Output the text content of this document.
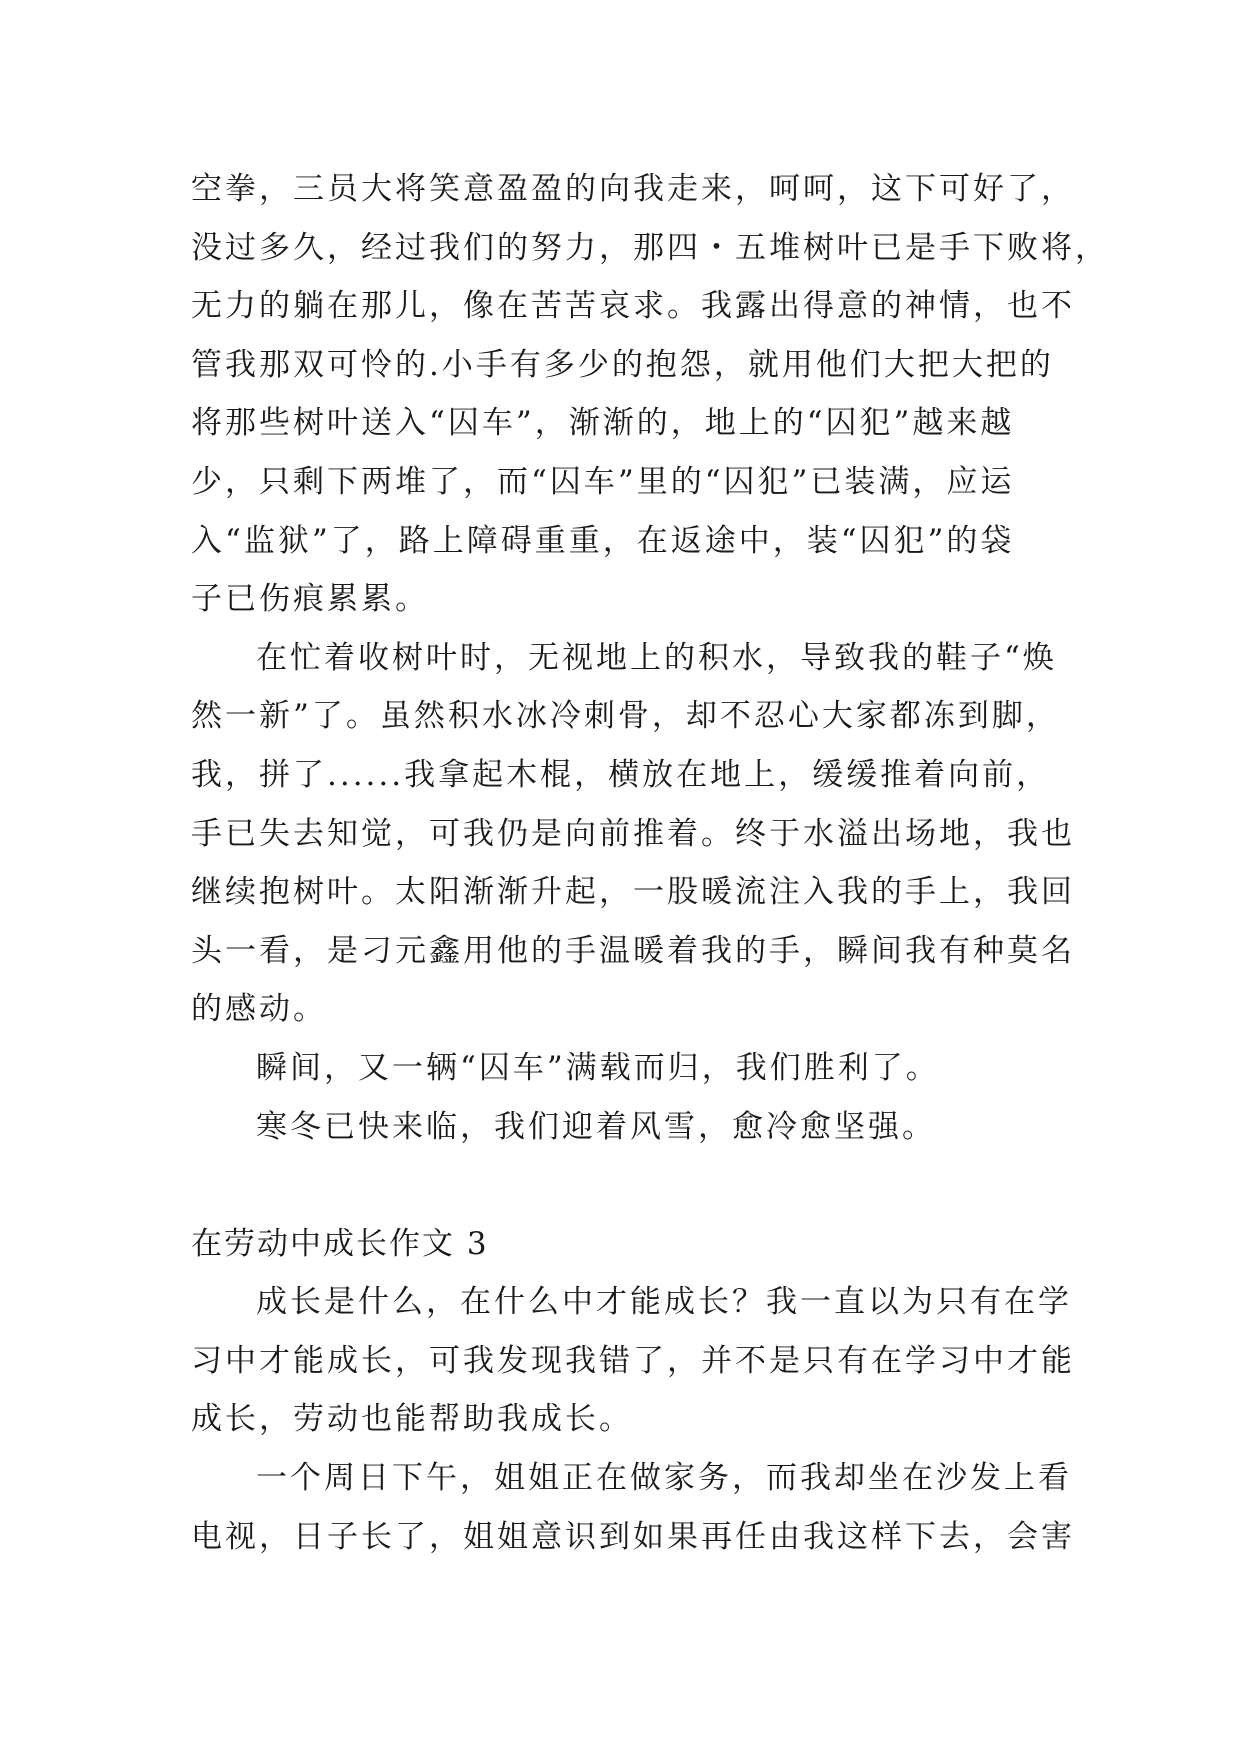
空拳，三员大将笑意盈盈的向我走来，呵呵，这下可好了，
没过多久，经过我们的努力，那四・五堆树叶已是手下败将，
无力的躺在那儿，像在苦苦哀求。我露出得意的神情，也不
管我那双可怜的.小手有多少的抱怨，就用他们大把大把的
将那些树叶送入“囚车”，渐渐的，地上的“囚犯”越来越
少，只剩下两堆了，而“囚车”里的“囚犯”已装满，应运
入“监狱”了，路上障碍重重，在返途中，装“囚犯”的袋
子已伤痕累累。
在忙着收树叶时，无视地上的积水，导致我的鞋子“焕
然一新”了。虽然积水冰冷刺骨，却不忍心大家都冻到脚，
我，拼了......我拿起木棍，横放在地上，缓缓推着向前，
手已失去知觉，可我仍是向前推着。终于水溢出场地，我也
继续抱树叶。太阳渐渐升起，一股暖流注入我的手上，我回
头一看，是刁元鑫用他的手温暖着我的手，瞬间我有种莫名
的感动。
瞬间，又一辆“囚车”满载而归，我们胜利了。
寒冬已快来临，我们迎着风雪，愈冷愈坚强。
在劳动中成长作文 3
成长是什么，在什么中才能成长？我一直以为只有在学
习中才能成长，可我发现我错了，并不是只有在学习中才能
成长，劳动也能帮助我成长。
一个周日下午，姐姐正在做家务，而我却坐在沙发上看
电视，日子长了，姐姐意识到如果再任由我这样下去，会害
